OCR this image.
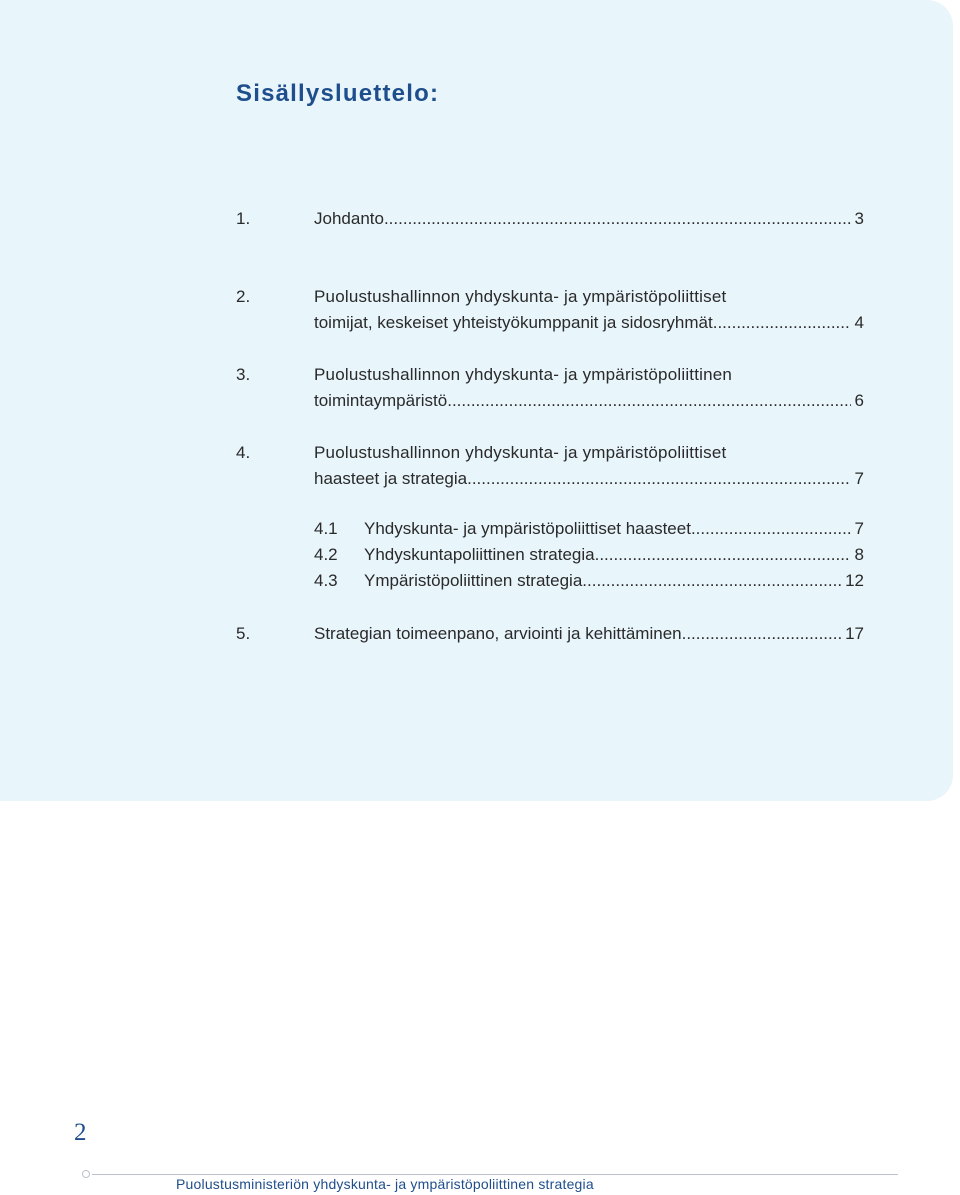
Sisällysluettelo:
1.	Johdanto .....	3
2.	Puolustushallinnon yhdyskunta- ja ympäristöpoliittiset
toimijat, keskeiset yhteistyökumppanit ja sidosryhmät .....	4
3.	Puolustushallinnon yhdyskunta- ja ympäristöpoliittinen
toimintaympäristö .....	6
4.	Puolustushallinnon yhdyskunta- ja ympäristöpoliittiset
haasteet ja strategia .....	7
4.1 Yhdyskunta- ja ympäristöpoliittiset haasteet .....	7
4.2 Yhdyskuntapoliittinen strategia .....	8
4.3 Ympäristöpoliittinen strategia .....	12
5.	Strategian toimeenpano, arviointi ja kehittäminen .....	17
2
Puolustusministeriön yhdyskunta- ja ympäristöpoliittinen strategia
